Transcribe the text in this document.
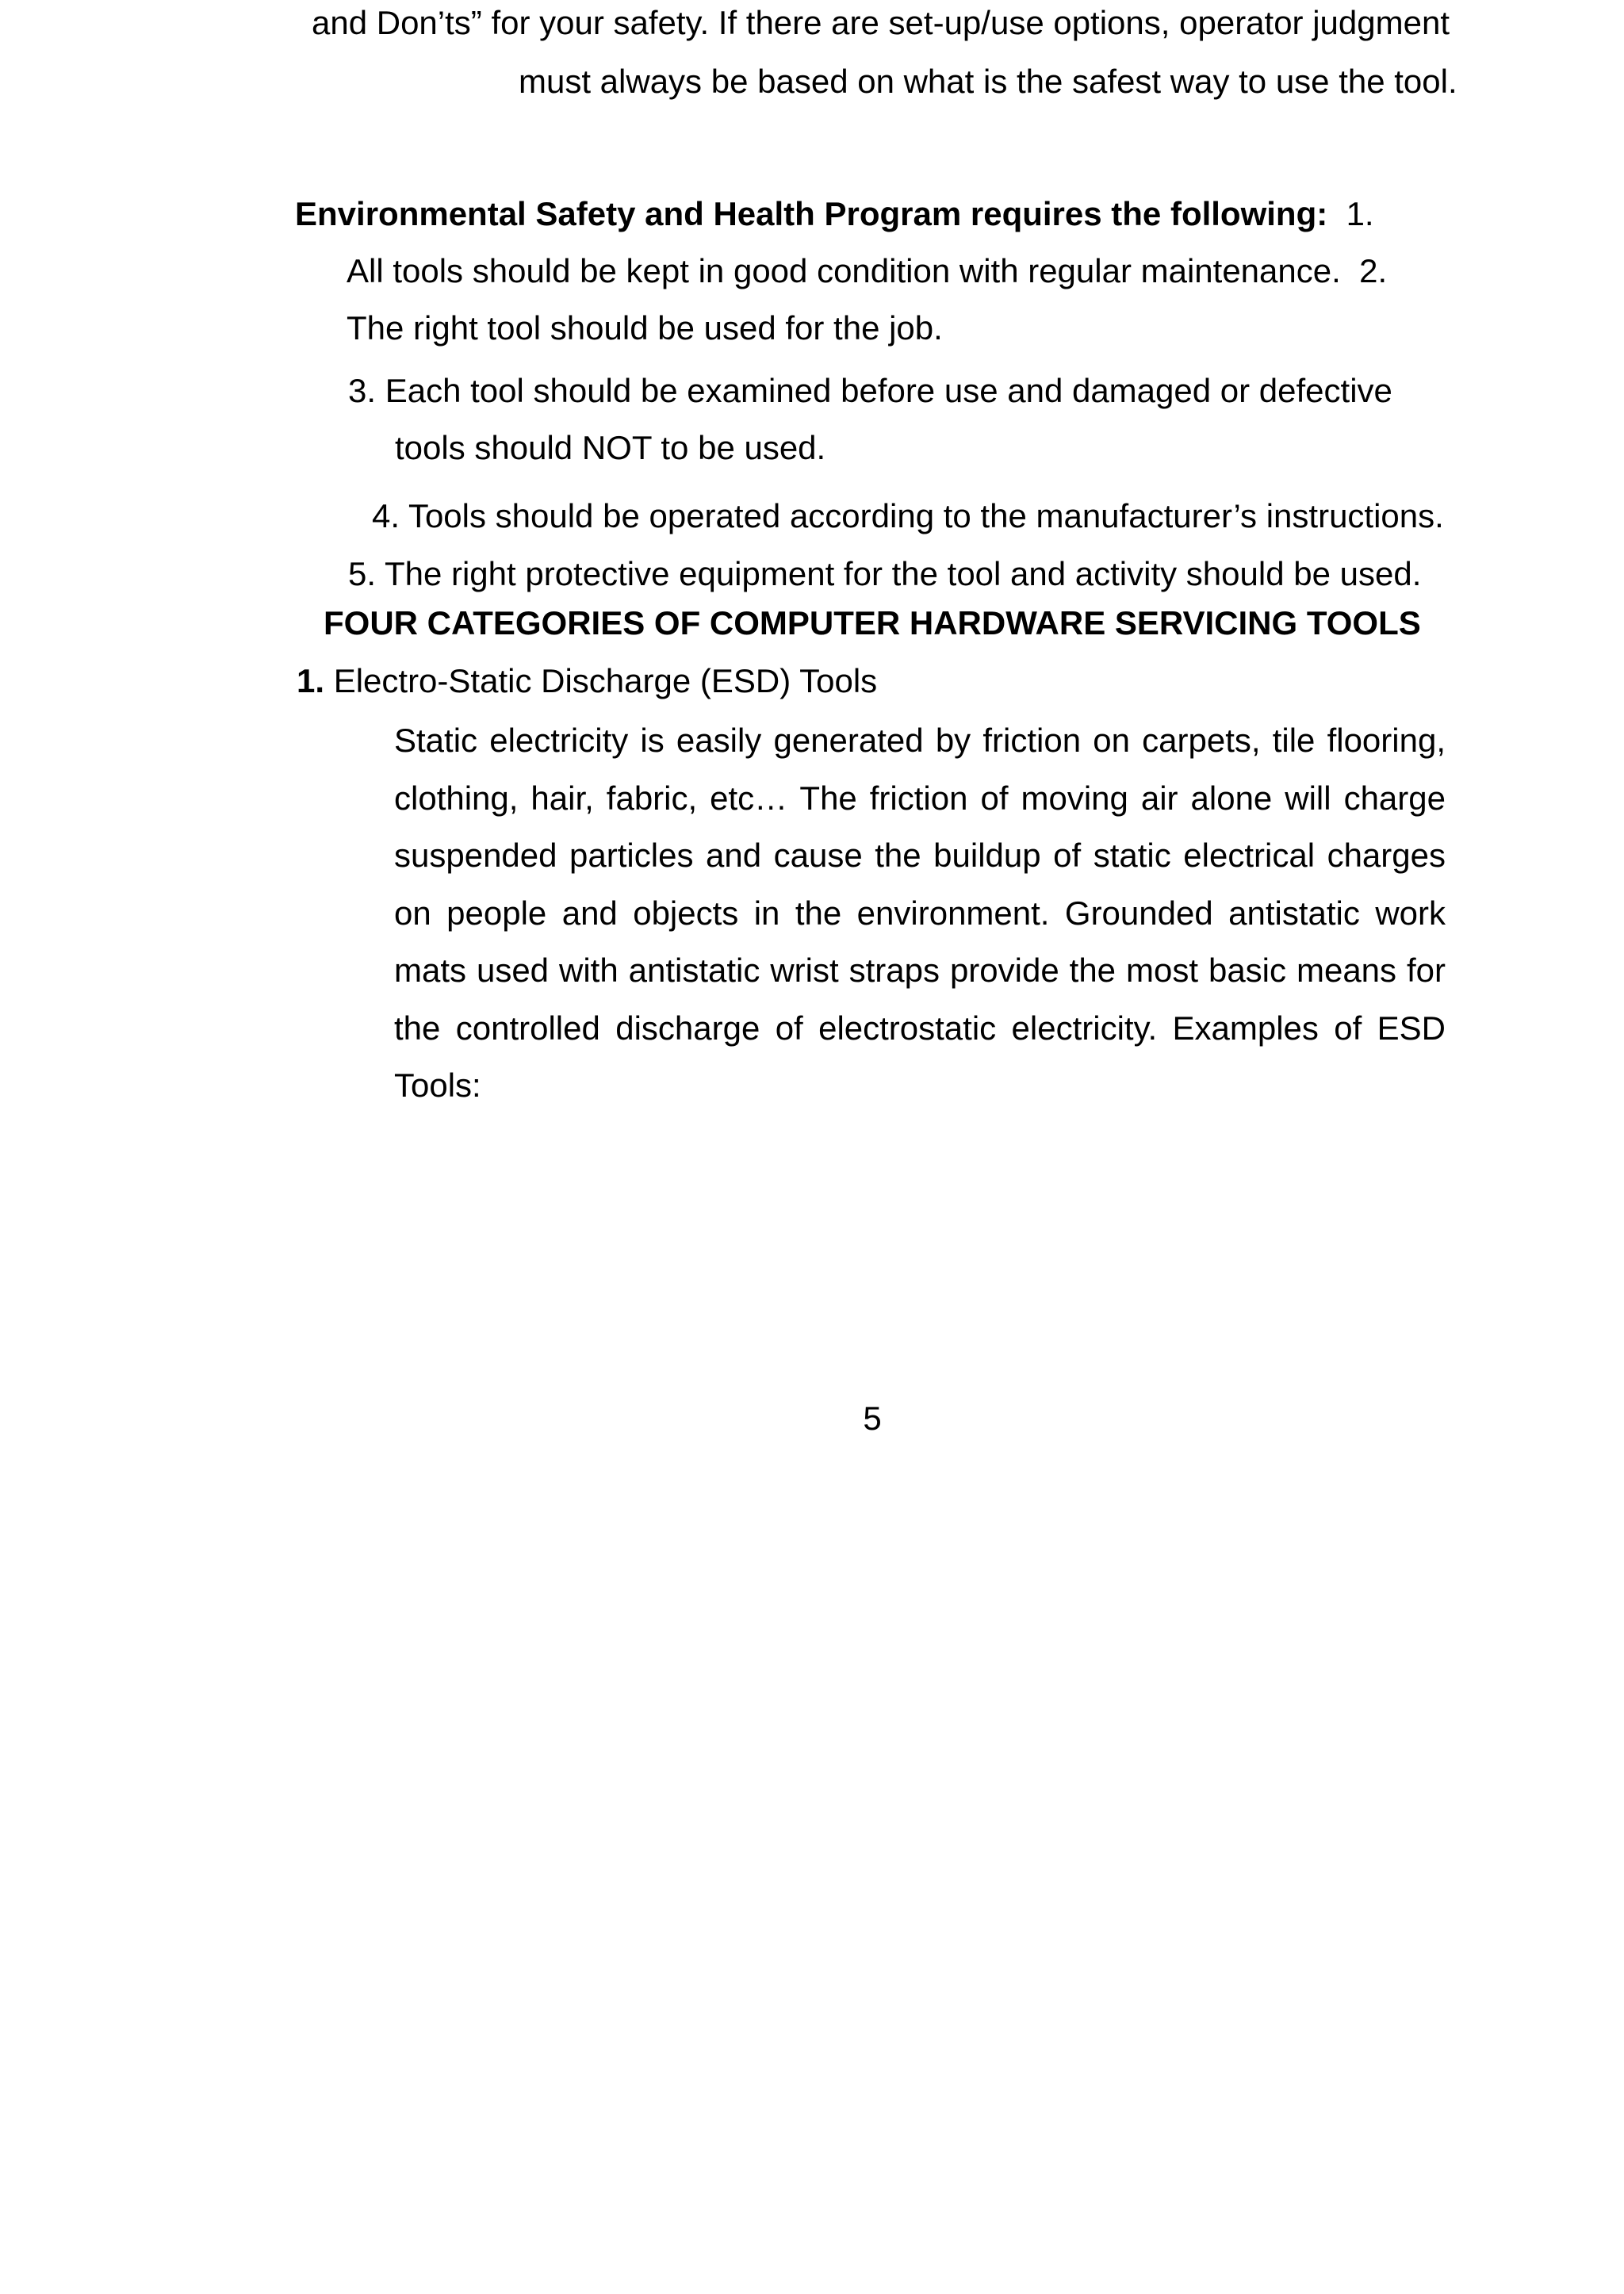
and Don’ts” for your safety. If there are set-up/use options, operator judgment
must always be based on what is the safest way to use the tool.
Environmental Safety and Health Program requires the following: 1.
All tools should be kept in good condition with regular maintenance. 2.
The right tool should be used for the job.
3. Each tool should be examined before use and damaged or defective
tools should NOT to be used.
4. Tools should be operated according to the manufacturer’s instructions.
5. The right protective equipment for the tool and activity should be used.
FOUR CATEGORIES OF COMPUTER HARDWARE SERVICING TOOLS
1. Electro-Static Discharge (ESD) Tools
Static electricity is easily generated by friction on carpets, tile flooring, clothing, hair, fabric, etc… The friction of moving air alone will charge suspended particles and cause the buildup of static electrical charges on people and objects in the environment. Grounded antistatic work mats used with antistatic wrist straps provide the most basic means for the controlled discharge of electrostatic electricity. Examples of ESD Tools:
5
